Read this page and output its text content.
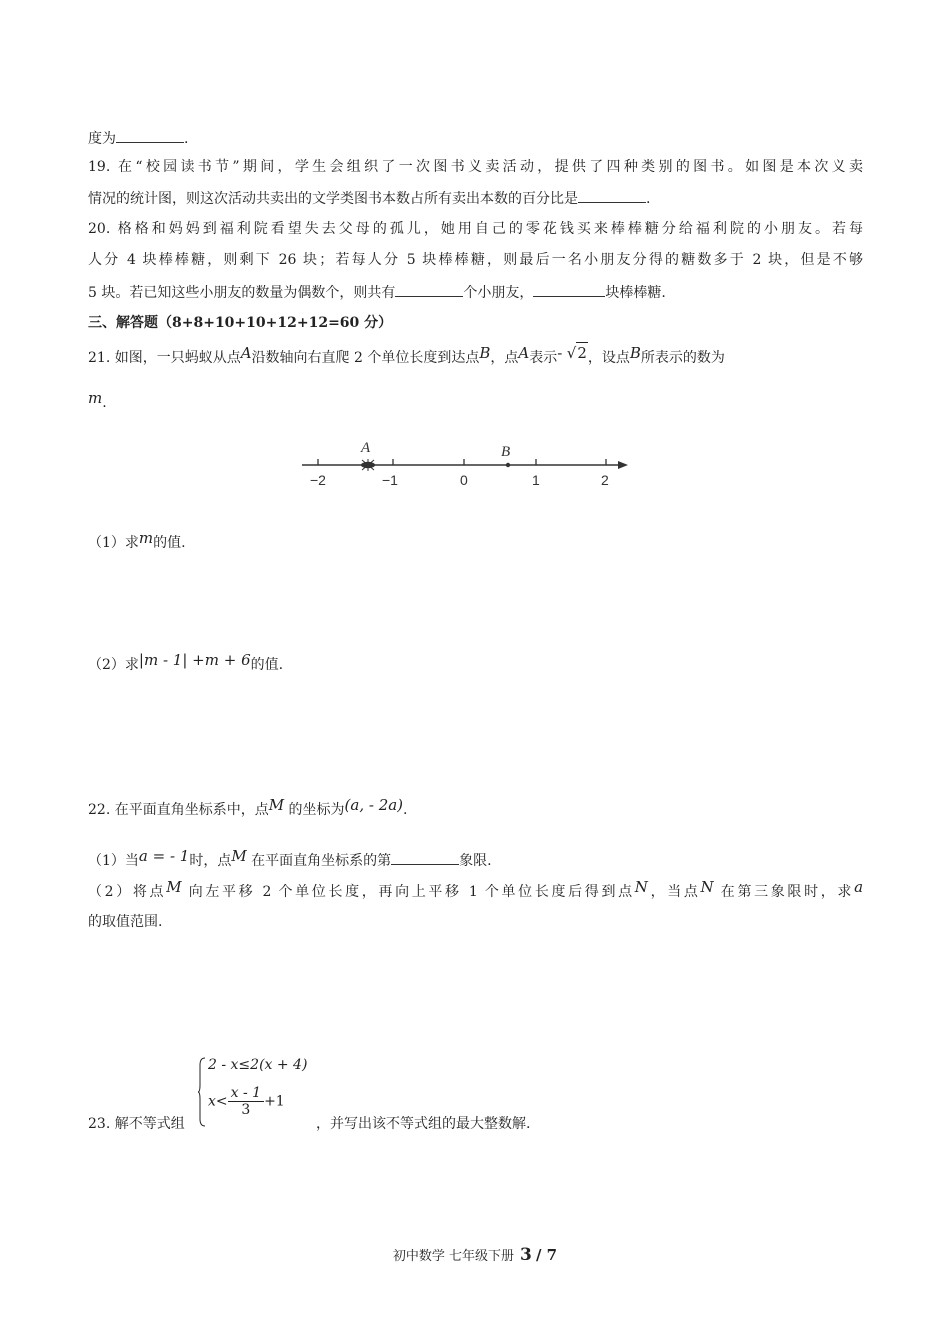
度为	.
19. 在“校园读书节”期间，学生会组织了一次图书义卖活动，提供了四种类别的图书。如图是本次义卖
情况的统计图，则这次活动共卖出的文学类图书本数占所有卖出本数的百分比是	.
20. 格格和妈妈到福利院看望失去父母的孤儿，她用自己的零花钱买来棒棒糖分给福利院的小朋友。若每
人分 4 块棒棒糖，则剩下 26 块；若每人分 5 块棒棒糖，则最后一名小朋友分得的糖数多于 2 块，但是不够
5 块。若已知这些小朋友的数量为偶数个，则共有	个小朋友，	块棒棒糖.
三、解答题（8+8+10+10+12+12=60 分）
21. 如图，一只蚂蚁从点A沿数轴向右直爬 2 个单位长度到达点B，点A表示- √2，设点B所表示的数为
m.
−2	−1	0	1	2
A	B
（1）求m的值.
（2）求|m - 1| +m + 6的值.
22. 在平面直角坐标系中，点M 的坐标为(a, - 2a).
（1）当a = - 1时，点M 在平面直角坐标系的第	象限.
（2）将点M 向左平移 2 个单位长度，再向上平移 1 个单位长度后得到点N，当点N 在第三象限时，求a
的取值范围.
23. 解不等式组
2 - x≤2(x + 4)
$x< \frac{x - 1}{3} +1$
，并写出该不等式组的最大整数解.
初中数学 七年级下册 3 / 7
